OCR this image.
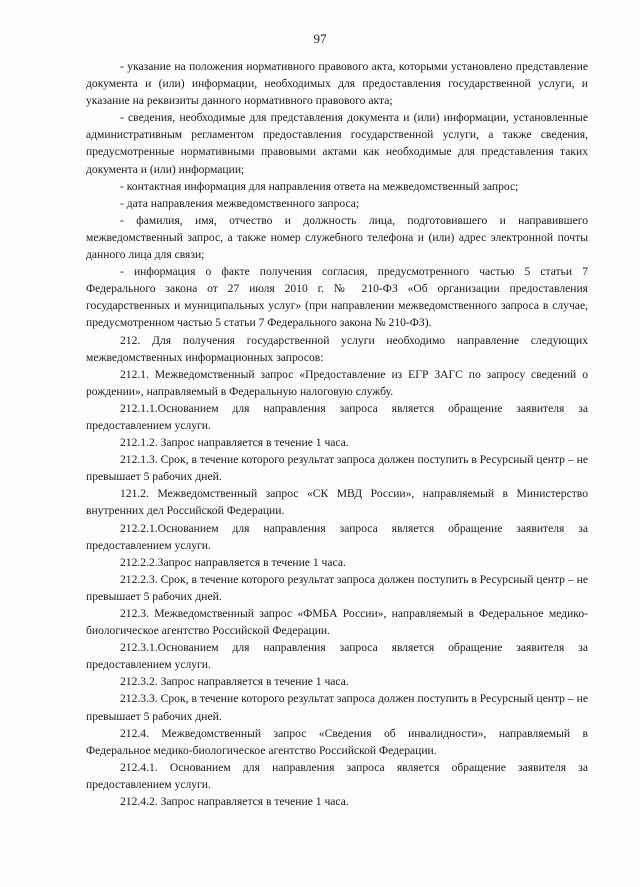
97

- указание на положения нормативного правового акта, которыми установлено представление документа и (или) информации, необходимых для предоставления государственной услуги, и указание на реквизиты данного нормативного правового акта;

- сведения, необходимые для представления документа и (или) информации, установленные административным регламентом предоставления государственной услуги, а также сведения, предусмотренные нормативными правовыми актами как необходимые для представления таких документа и (или) информации;

- контактная информация для направления ответа на межведомственный запрос;

- дата направления межведомственного запроса;

- фамилия, имя, отчество и должность лица, подготовившего и направившего межведомственный запрос, а также номер служебного телефона и (или) адрес электронной почты данного лица для связи;

- информация о факте получения согласия, предусмотренного частью 5 статьи 7 Федерального закона от 27 июля 2010 г. № 210-ФЗ «Об организации предоставления государственных и муниципальных услуг» (при направлении межведомственного запроса в случае, предусмотренном частью 5 статьи 7 Федерального закона № 210-ФЗ).

212. Для получения государственной услуги необходимо направление следующих межведомственных информационных запросов:

212.1. Межведомственный запрос «Предоставление из ЕГР ЗАГС по запросу сведений о рождении», направляемый в Федеральную налоговую службу.

212.1.1.Основанием для направления запроса является обращение заявителя за предоставлением услуги.

212.1.2. Запрос направляется в течение 1 часа.

212.1.3. Срок, в течение которого результат запроса должен поступить в Ресурсный центр – не превышает 5 рабочих дней.

121.2. Межведомственный запрос «СК МВД России», направляемый в Министерство внутренних дел Российской Федерации.

212.2.1.Основанием для направления запроса является обращение заявителя за предоставлением услуги.

212.2.2.Запрос направляется в течение 1 часа.

212.2.3. Срок, в течение которого результат запроса должен поступить в Ресурсный центр – не превышает 5 рабочих дней.

212.3. Межведомственный запрос «ФМБА России», направляемый в Федеральное медико-биологическое агентство Российской Федерации.

212.3.1.Основанием для направления запроса является обращение заявителя за предоставлением услуги.

212.3.2. Запрос направляется в течение 1 часа.

212.3.3. Срок, в течение которого результат запроса должен поступить в Ресурсный центр – не превышает 5 рабочих дней.

212.4. Межведомственный запрос «Сведения об инвалидности», направляемый в Федеральное медико-биологическое агентство Российской Федерации.

212.4.1. Основанием для направления запроса является обращение заявителя за предоставлением услуги.

212.4.2. Запрос направляется в течение 1 часа.
